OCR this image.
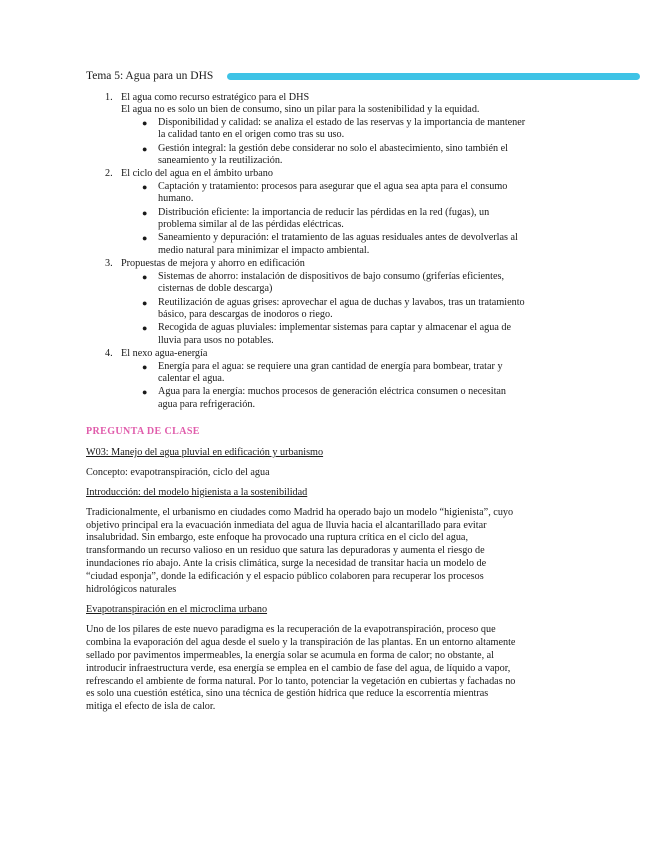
Tema 5: Agua para un DHS
1. El agua como recurso estratégico para el DHS
El agua no es solo un bien de consumo, sino un pilar para la sostenibilidad y la equidad.
● Disponibilidad y calidad: se analiza el estado de las reservas y la importancia de mantener la calidad tanto en el origen como tras su uso.
● Gestión integral: la gestión debe considerar no solo el abastecimiento, sino también el saneamiento y la reutilización.
2. El ciclo del agua en el ámbito urbano
● Captación y tratamiento: procesos para asegurar que el agua sea apta para el consumo humano.
● Distribución eficiente: la importancia de reducir las pérdidas en la red (fugas), un problema similar al de las pérdidas eléctricas.
● Saneamiento y depuración: el tratamiento de las aguas residuales antes de devolverlas al medio natural para minimizar el impacto ambiental.
3. Propuestas de mejora y ahorro en edificación
● Sistemas de ahorro: instalación de dispositivos de bajo consumo (griferías eficientes, cisternas de doble descarga)
● Reutilización de aguas grises: aprovechar el agua de duchas y lavabos, tras un tratamiento básico, para descargas de inodoros o riego.
● Recogida de aguas pluviales: implementar sistemas para captar y almacenar el agua de lluvia para usos no potables.
4. El nexo agua-energía
● Energía para el agua: se requiere una gran cantidad de energía para bombear, tratar y calentar el agua.
● Agua para la energía: muchos procesos de generación eléctrica consumen o necesitan agua para refrigeración.
PREGUNTA DE CLASE
W03: Manejo del agua pluvial en edificación y urbanismo
Concepto: evapotranspiración, ciclo del agua
Introducción: del modelo higienista a la sostenibilidad
Tradicionalmente, el urbanismo en ciudades como Madrid ha operado bajo un modelo “higienista”, cuyo objetivo principal era la evacuación inmediata del agua de lluvia hacia el alcantarillado para evitar insalubridad. Sin embargo, este enfoque ha provocado una ruptura crítica en el ciclo del agua, transformando un recurso valioso en un residuo que satura las depuradoras y aumenta el riesgo de inundaciones río abajo. Ante la crisis climática, surge la necesidad de transitar hacia un modelo de “ciudad esponja”, donde la edificación y el espacio público colaboren para recuperar los procesos hidrológicos naturales
Evapotranspiración en el microclima urbano
Uno de los pilares de este nuevo paradigma es la recuperación de la evapotranspiración, proceso que combina la evaporación del agua desde el suelo y la transpiración de las plantas. En un entorno altamente sellado por pavimentos impermeables, la energía solar se acumula en forma de calor; no obstante, al introducir infraestructura verde, esa energía se emplea en el cambio de fase del agua, de líquido a vapor, refrescando el ambiente de forma natural. Por lo tanto, potenciar la vegetación en cubiertas y fachadas no es solo una cuestión estética, sino una técnica de gestión hídrica que reduce la escorrentía mientras mitiga el efecto de isla de calor.
